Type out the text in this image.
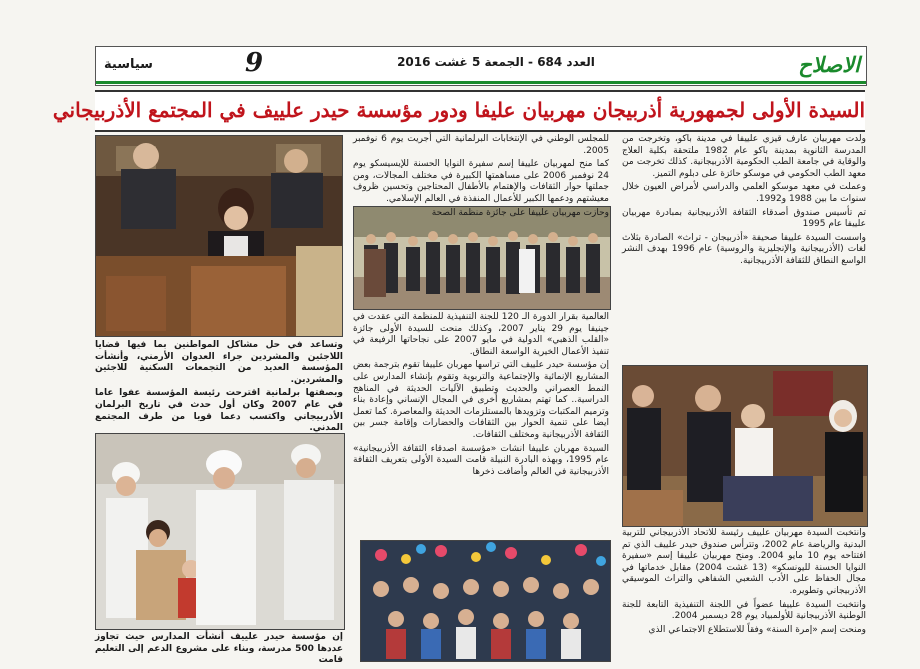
الاصلاح
العدد 684 - الجمعة 5 غشت 2016
9
سياسية
السيدة الأولى لجمهورية أذربيجان مهربيان عليفا ودور مؤسسة حيدر علييف في المجتمع الأذربيجاني

ولدت مهربيان عارف قيزي علييفا في مدينة باكو، وتخرجت من المدرسة الثانوية بمدينة باكو عام 1982 ملتحقة بكلية العلاج والوقاية في جامعة الطب الحكومية الأذربيجانية. كذلك تخرجت من معهد الطب الحكومي في موسكو حائزة على دبلوم التميز.

وعملت في معهد موسكو العلمي والدراسي لأمراض العيون خلال سنوات ما بين 1988 و1992.

تم تأسيس صندوق أصدقاء الثقافة الأذربيجانية بمبادرة مهربيان علييفا عام 1995

واسست السيدة علييفا صحيفة «أذربيجان - تراث» الصادرة بثلاث لغات (الأذربيجانية والإنجليزية والروسية) عام 1996 بهدف النشر الواسع النطاق للثقافة الأذربيجانية.

وانتخبت السيدة مهربيان علييف رئيسة للاتحاد الأذربيجاني للتربية البدنية والرياضة عام 2002، وتترأس صندوق حيدر علييف الذي تم افتتاحه يوم 10 مايو 2004. ومنح مهربيان علييفا إسم «سفيرة النوايا الحسنة لليونسكو» (13 غشت 2004) مقابل خدماتها في مجال الحفاظ على الأدب الشعبي الشفاهي والتراث الموسيقي الأذربيجاني وتطويره.

وانتخبت السيدة علييفا عضواً في اللجنة التنفيذية التابعة للجنة الوطنية الأذربيجانية للأولمبياد يوم 28 ديسمبر 2004.

ومنحت إسم «إمرة السنة» وفقاً للاستطلاع الاجتماعي الذي

للمجلس الوطني في الإنتخابات البرلمانية التي أجريت يوم 6 نوفمبر 2005.

كما منح لمهربيان علييفا إسم سفيرة النوايا الحسنة للإيسيسكو يوم 24 نوفمبر 2006 على مساهمتها الكبيرة في مختلف المجالات، ومن جملتها حوار الثقافات والإهتمام بالأطفال المحتاجين وتحسين ظروف معيشتهم ودعمها الكبير للأعمال المنفذة في العالم الإسلامي.

وحازت مهربيان علييفا على جائزة منظمة الصحة

العالمية بقرار الدورة الـ 120 للجنة التنفيذية للمنظمة التي عقدت في جينيفا يوم 29 يناير 2007، وكذلك منحت للسيدة الأولى جائزة «القلب الذهبي» الدولية في مايو 2007 على نجاحاتها الرفيعة في تنفيذ الأعمال الخيرية الواسعة النطاق.

إن مؤسسة حيدر علييف التي تراسها مهربان علييفا تقوم بترجمة بعض المشاريع الإنمائية والإجتماعية والتربوية وتقوم بإنشاء المدارس على النمط العصراني والحديث وتطبيق الآليات الحديثة في المناهج الدراسية.. كما تهتم بمشاريع أخرى في المجال الإنساني وإعادة بناء وترميم المكتبات وتزويدها بالمستلزمات الحديثة والمعاصرة. كما تعمل ايضا على تنمية الحوار بين الثقافات والحضارات وإقامة جسر بين الثقافة الأذربيجانية ومختلف الثقافات.

السيدة مهربان علييفا انشات «مؤسسة اصدقاء الثقافة الأذربيجانية» عام 1995، وبهذه البادرة النبيلة قامت السيدة الأولى بتعريف الثقافة الأذربيجانية في العالم وأضافت ذخرها

وتساعد في حل مشاكل المواطنين بما فيها قضايا اللاجئين والمشردين جراء العدوان الأرمني، وأنشأت المؤسسة العديد من التجمعات السكنية للاجئين والمشردين.

وبصفتها برلمانية اقترحت رئيسة المؤسسة عفوا عاما في عام 2007 وكان أول حدث في تاريخ البرلمان الأذربيجاني واكتسب دعما قويا من طرف المجتمع المدني.

إن مؤسسة حيدر علييف أنشأت المدارس حيث تجاوز عددها 500 مدرسة، وبناء على مشروع الدعم إلى التعليم قامت
